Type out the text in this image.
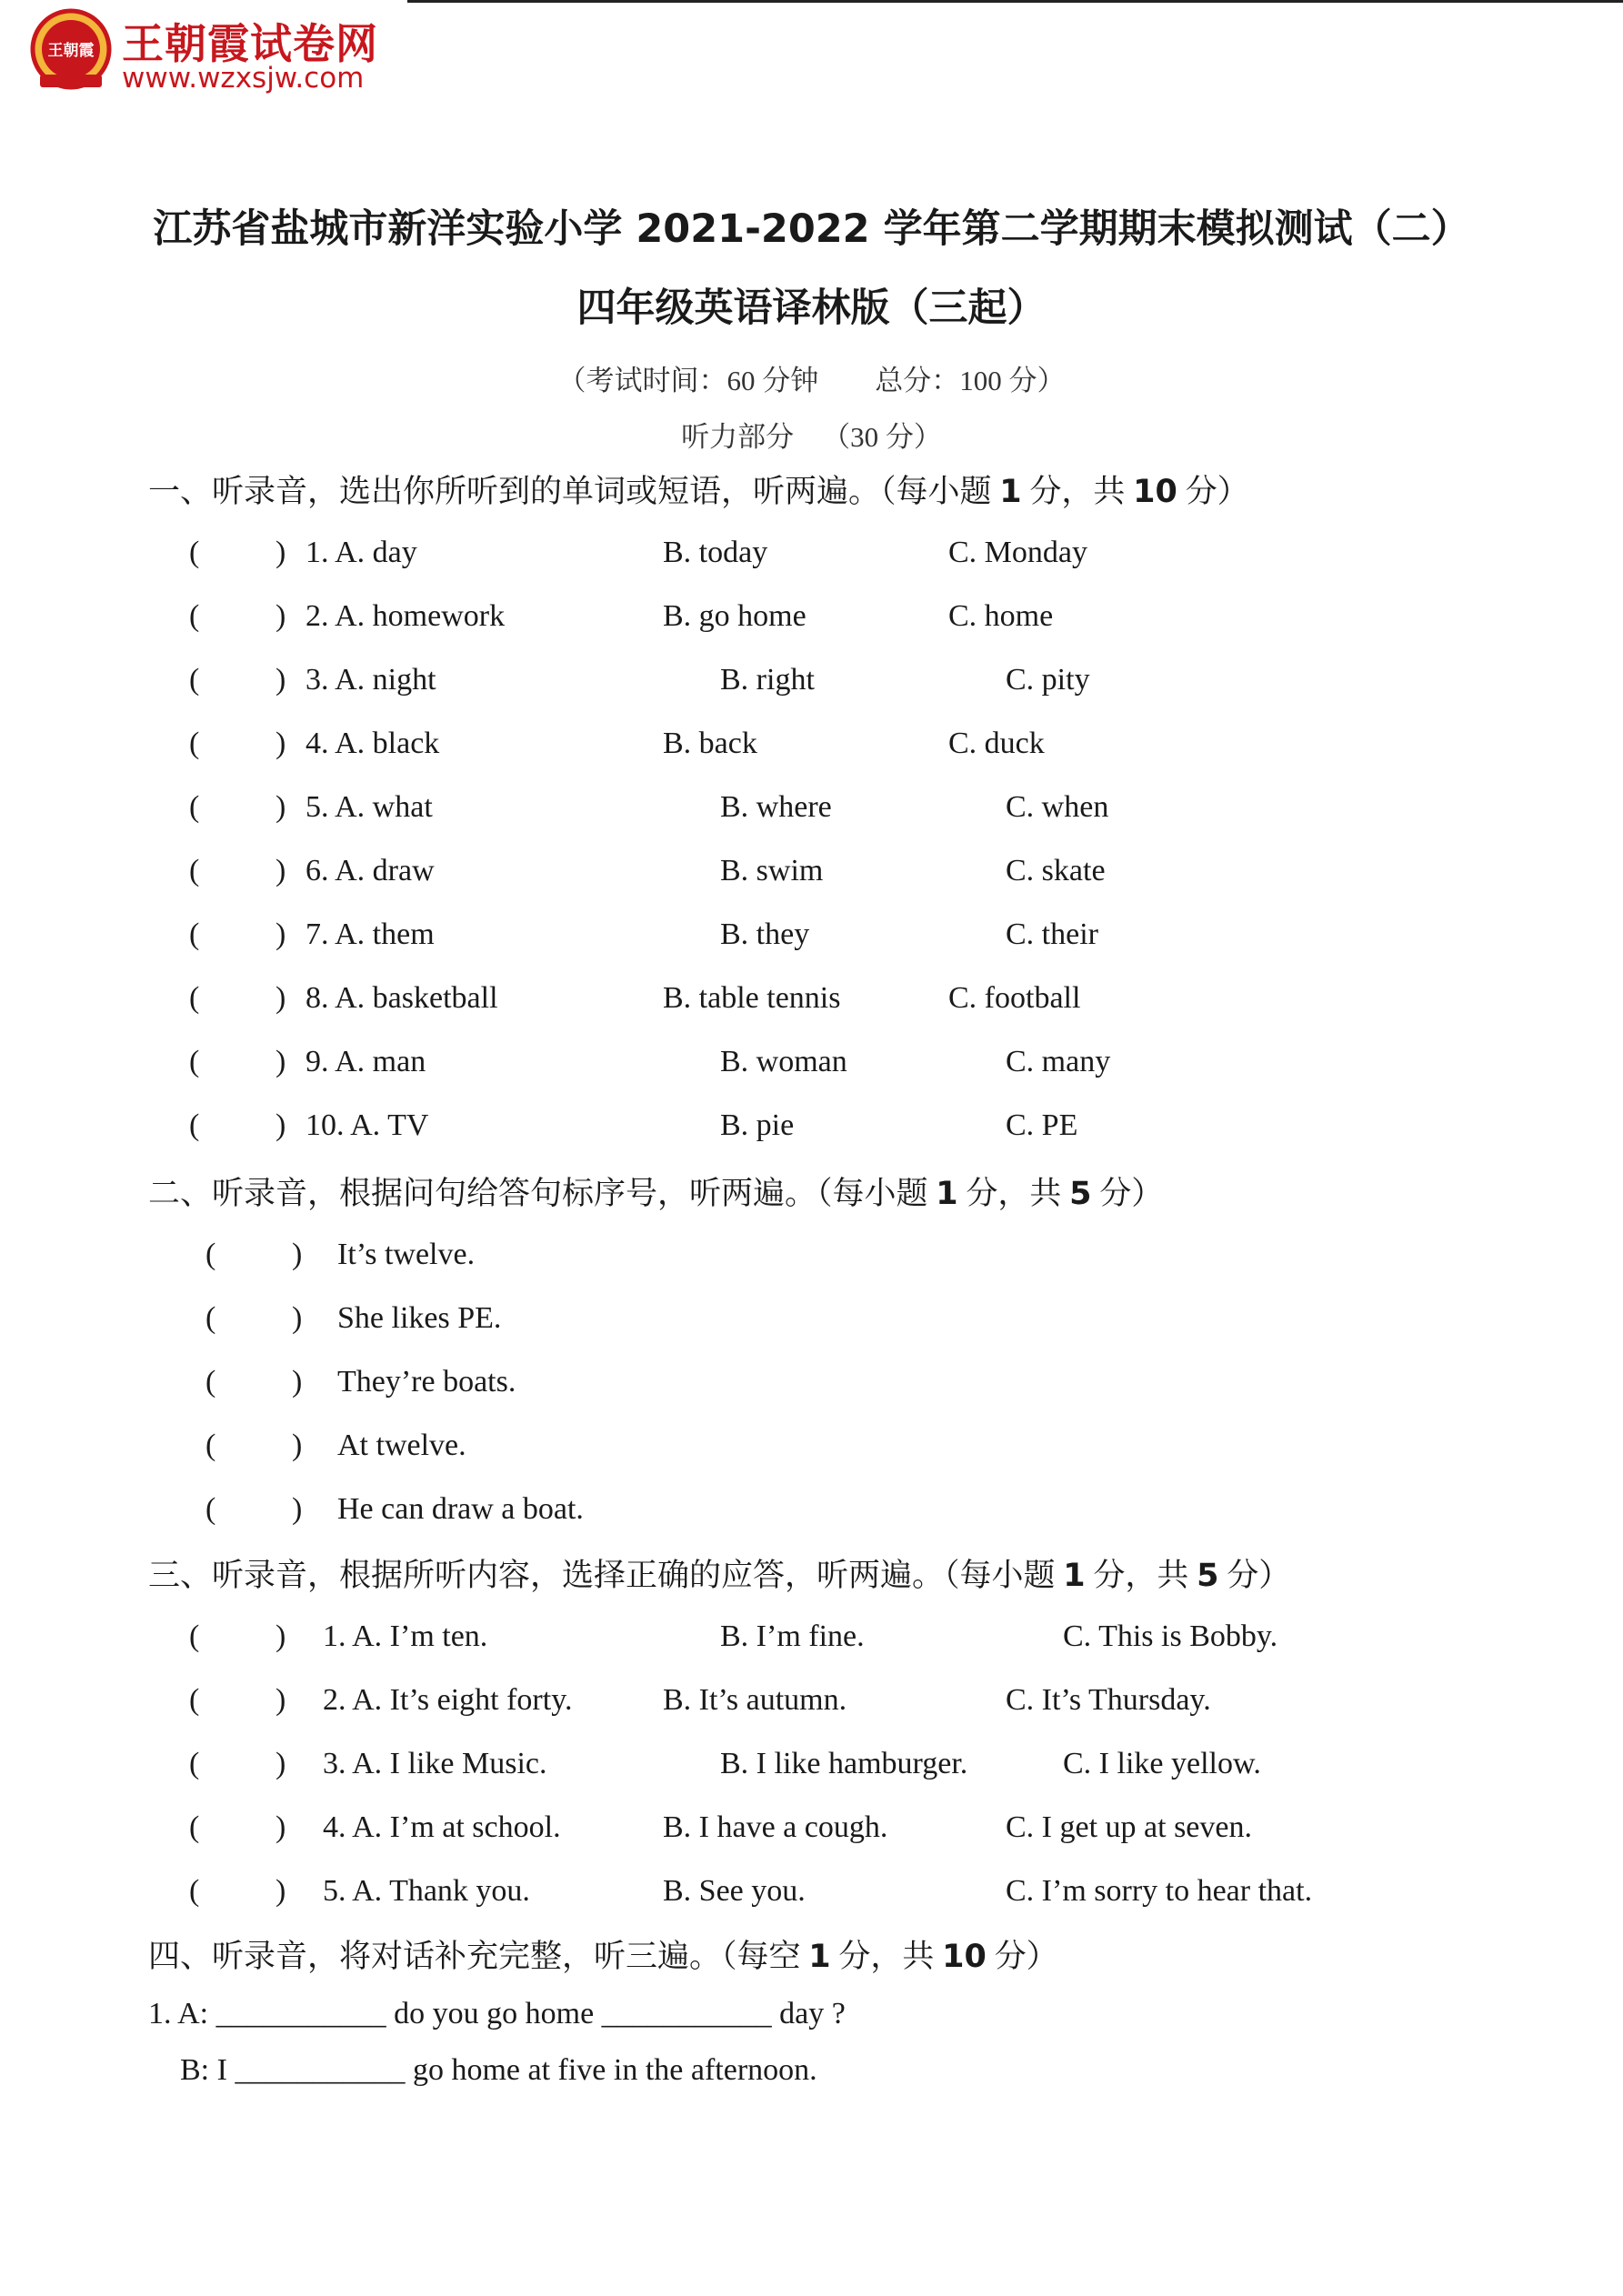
王朝霞 王朝霞试卷网
www.wzxsjw.com
江苏省盐城市新洋实验小学 2021-2022 学年第二学期期末模拟测试（二）
四年级英语译林版（三起）
（考试时间：60 分钟        总分：100 分）
听力部分    （30 分）
一、听录音，选出你所听到的单词或短语，听两遍。（每小题 1 分，共 10 分）
( ) 1. A. day	B. today	C. Monday
( ) 2. A. homework	B. go home	C. home
( ) 3. A. night	B. right	C. pity
( ) 4. A. black	B. back	C. duck
( ) 5. A. what	B. where	C. when
( ) 6. A. draw	B. swim	C. skate
( ) 7. A. them	B. they	C. their
( ) 8. A. basketball	B. table tennis	C. football
( ) 9. A. man	B. woman	C. many
( ) 10. A. TV	B. pie	C. PE
二、听录音，根据问句给答句标序号，听两遍。（每小题 1 分，共 5 分）
( ) It’s twelve.
( ) She likes PE.
( ) They’re boats.
( ) At twelve.
( ) He can draw a boat.
三、听录音，根据所听内容，选择正确的应答，听两遍。（每小题 1 分，共 5 分）
( ) 1. A. I’m ten.	B. I’m fine.	C. This is Bobby.
( ) 2. A. It’s eight forty.	B. It’s autumn.	C. It’s Thursday.
( ) 3. A. I like Music.	B. I like hamburger.	C. I like yellow.
( ) 4. A. I’m at school.	B. I have a cough.	C. I get up at seven.
( ) 5. A. Thank you.	B. See you.	C. I’m sorry to hear that.
四、听录音，将对话补充完整，听三遍。（每空 1 分，共 10 分）
1. A: ___________ do you go home ___________ day ?
B: I ___________ go home at five in the afternoon.
